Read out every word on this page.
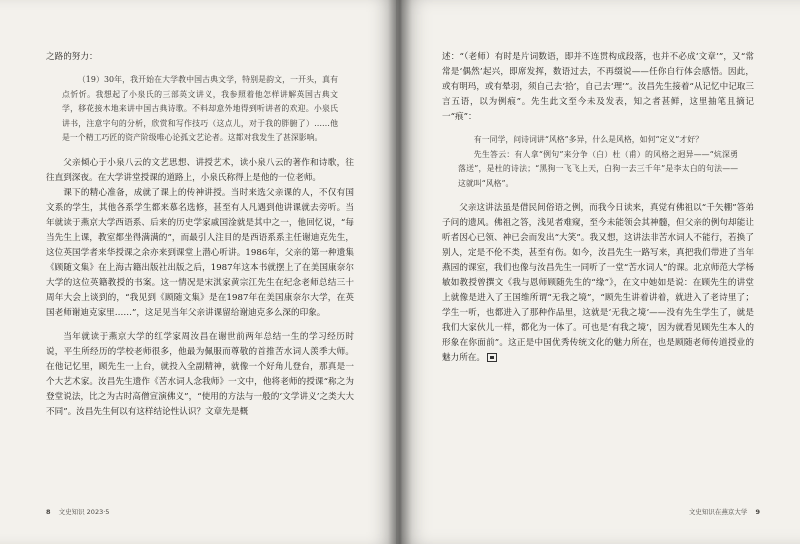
之路的努力：

（19）30年，我开始在大学教中国古典文学，特别是韵文，一开头，真有点忻忻。我想起了小泉氏的三部英文讲义，我参照着他怎样讲解英国古典文学，移花接木地来讲中国古典诗歌。不料却意外地得到听讲者的欢迎。小泉氏讲书，注意字句的分析，欣赏和写作技巧（这点儿，对于我的胖腑了）……他是一个精工巧匠的资产阶级唯心论孤文艺论者。这都对我发生了甚深影响。

父亲倾心于小泉八云的文艺思想、讲授艺术，读小泉八云的著作和诗歌，往往直到深夜。在大学讲堂授课的道路上，小泉氏称得上是他的一位老师。

课下的精心准备，成就了课上的传神讲授。当时来选父亲课的人，不仅有国文系的学生，其他各系学生都来慕名选修，甚至有人凡遇到他讲课就去旁听。当年就读于燕京大学西语系、后来的历史学家戚国淦就是其中之一，他回忆说，“每当先生上课，教室都坐得满满的”，而最引人注目的是西语系系主任谢迪克先生，这位英国学者来华授课之余亦来到课堂上潜心听讲。1986年，父亲的第一种遗集《顾随文集》在上海古籍出版社出版之后，1987年这本书就摆上了在美国康奈尔大学的这位英籍教授的书案。这一情况是宋淇家黄宗江先生在纪念老师总结三十周年大会上谈到的，“我见到《顾随文集》是在1987年在美国康奈尔大学，在英国老师谢迪克家里……”，这足见当年父亲讲课留给谢迪克多么深的印象。

当年就读于燕京大学的红学家周汝昌在谢世前两年总结一生的学习经历时说，平生所经历的学校老师很多，他最为佩服而尊敬的首推苦水词人羡季大师。在他记忆里，顾先生一上台，就投入全副精神，就像一个好角儿登台，那真是一个大艺术家。汝昌先生遗作《苦水词人念我师》一文中，他将老师的授课“称之为登堂说法，比之为古时高僧宣演佛义”，“使用的方法与一般的‘文学讲义’之类大大不同”。汝昌先生何以有这样结论性认识？文章先是概

8 文史知识 2023·5

述：“（老师）有时是片词数语，即并不连贯构成段落，也并不必成‘文章’”，又“常常是‘偶然’起兴，即席发挥，数语过去，不再缀说——任你自行体会感悟。因此，或有明玛，或有晕羽，须自己去‘拾’，自己去‘理’”。汝昌先生接着“从记忆中记取三言五语，以为例痕”。先生此文至今未及发表，知之者甚鲜，这里抽笔且摘记一“痕”：

有一同学，问诗词讲“风格”多异，什么是风格，如何“定义”才好？

先生答云：有人拿“例句”来分争（白）杜（甫）的风格之迥异——“炕深勇落送”，是杜的诗法；“黑狗一飞飞上天，白狗一去三千年”是李太白的句法——这就叫“风格”。

父亲这讲法虽是借民间俗语之例，而我今日读来，真觉有佛祖以“千矢棚”答弟子问的遗风。佛祖之答，浅见者难窥，至今未能领会其神髓，但父亲的例句却能让听者因心已领、神已会而发出“大笑”。我又想，这讲法非苦水词人不能行，若换了别人，定是不伦不类，甚至有伤。如今，汝昌先生一路写来，真把我们带进了当年燕园的课室，我们也像与汝昌先生一同听了一堂“苦水词人”的课。北京师范大学杨敏如教授曾撰文《我与恩师顾随先生的“缘”》，在文中她如是说：在顾先生的讲堂上就像是进入了王国维所谓“无我之境”，“顾先生讲着讲着，就进入了老诗里了；学生一听，也都进入了那种作品里，这就是‘无我之境’——没有先生学生了，就是我们大家伙儿一样，都化为一体了。可也是‘有我之境’，因为就看见顾先生本人的形象在你面前”。这正是中国优秀传统文化的魅力所在，也是顾随老师传道授业的魅力所在。

文史知识在燕京大学 9
